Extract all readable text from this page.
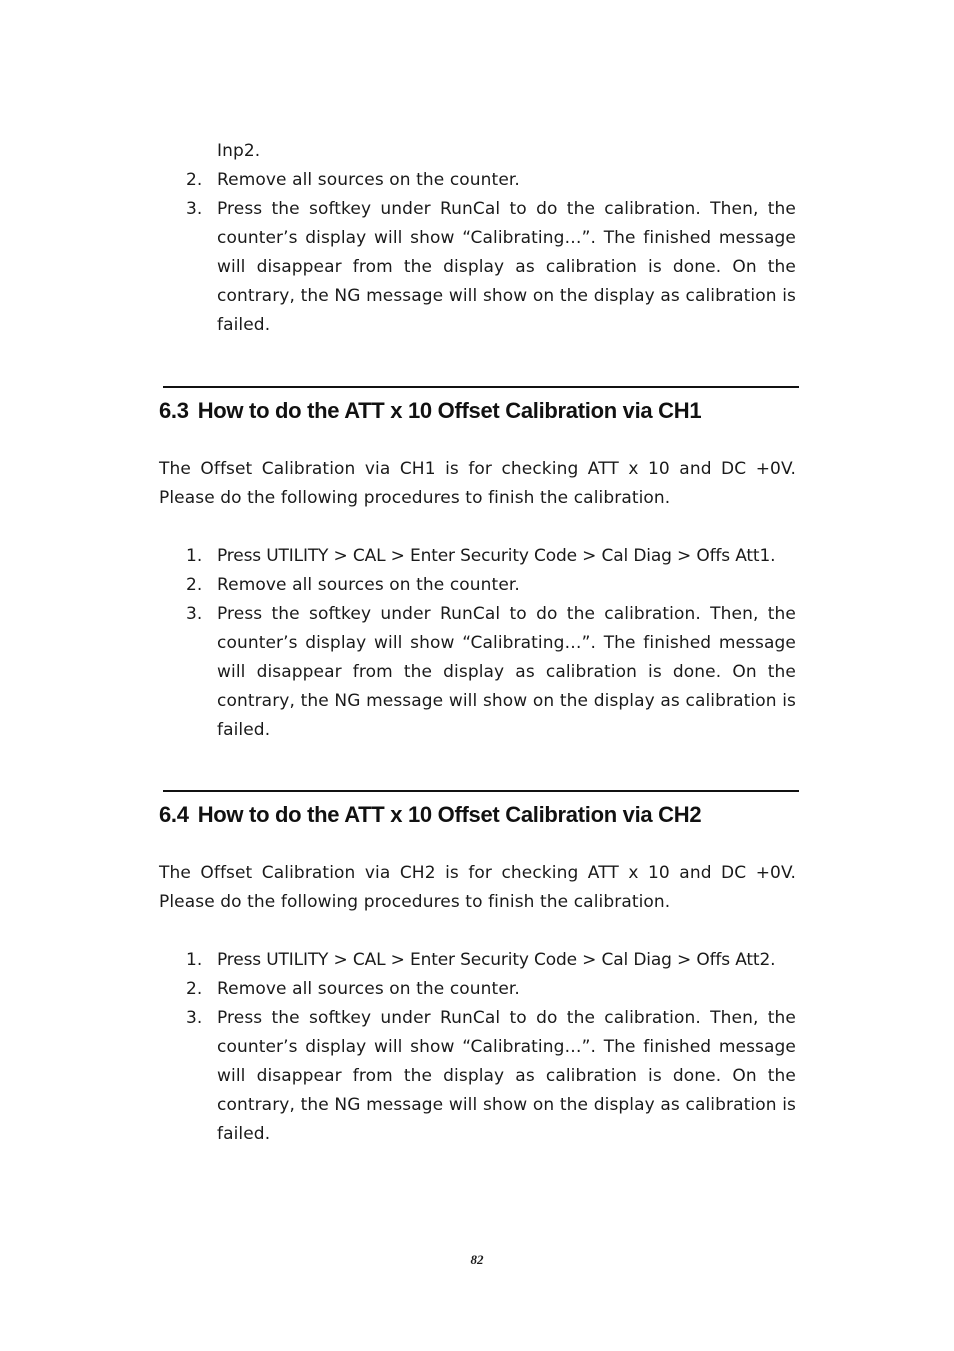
Inp2.
2. Remove all sources on the counter.
3. Press the softkey under RunCal to do the calibration. Then, the counter’s display will show “Calibrating…”. The finished message will disappear from the display as calibration is done. On the contrary, the NG message will show on the display as calibration is failed.
6.3 How to do the ATT x 10 Offset Calibration via CH1
The Offset Calibration via CH1 is for checking ATT x 10 and DC +0V.
Please do the following procedures to finish the calibration.
1. Press UTILITY > CAL > Enter Security Code > Cal Diag > Offs Att1.
2. Remove all sources on the counter.
3. Press the softkey under RunCal to do the calibration. Then, the counter’s display will show “Calibrating…”. The finished message will disappear from the display as calibration is done. On the contrary, the NG message will show on the display as calibration is failed.
6.4 How to do the ATT x 10 Offset Calibration via CH2
The Offset Calibration via CH2 is for checking ATT x 10 and DC +0V.
Please do the following procedures to finish the calibration.
1. Press UTILITY > CAL > Enter Security Code > Cal Diag > Offs Att2.
2. Remove all sources on the counter.
3. Press the softkey under RunCal to do the calibration. Then, the counter’s display will show “Calibrating…”. The finished message will disappear from the display as calibration is done. On the contrary, the NG message will show on the display as calibration is failed.
82
